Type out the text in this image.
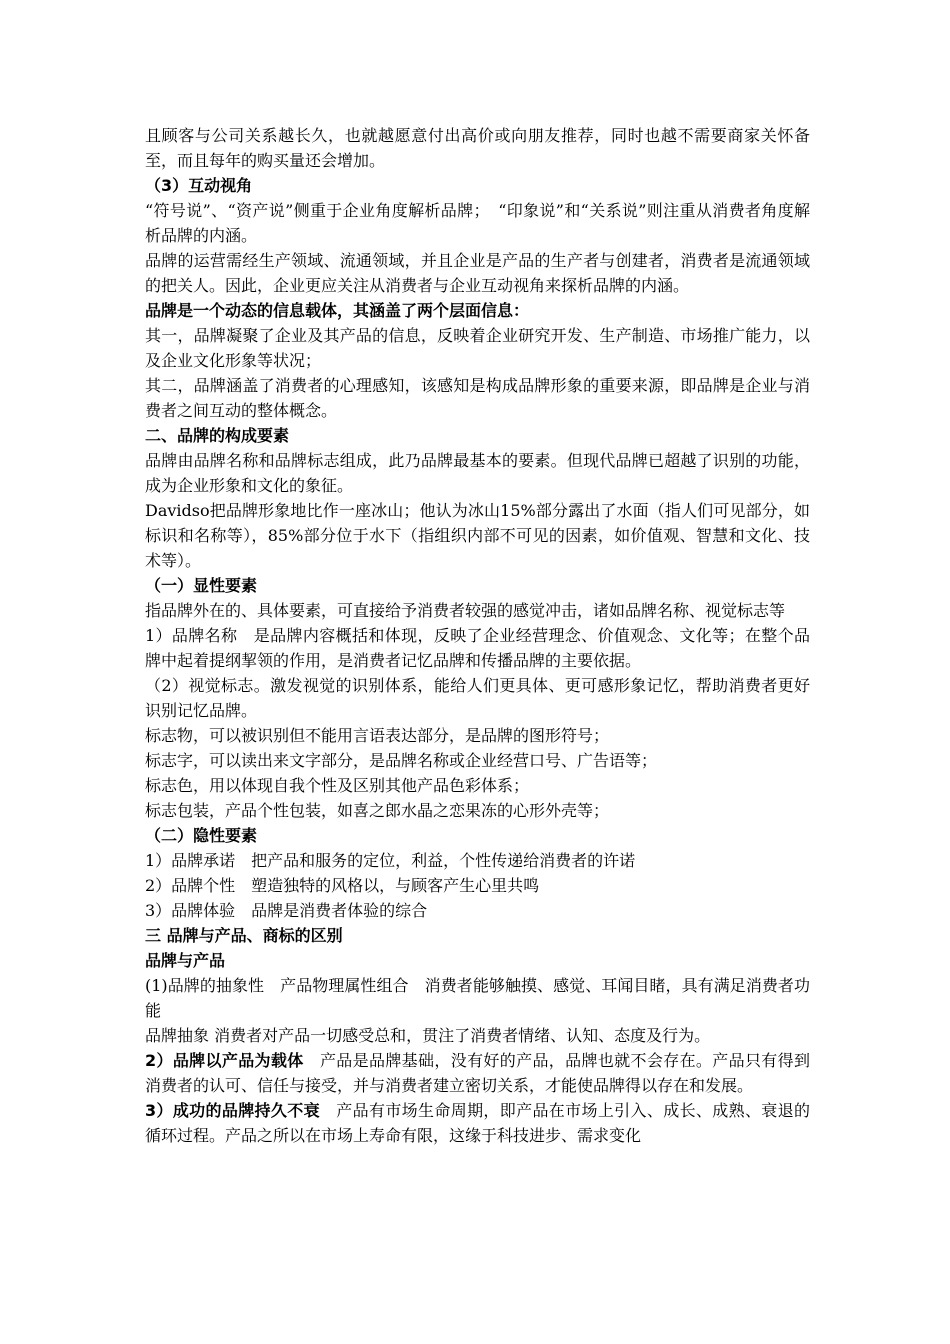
且顾客与公司关系越长久，也就越愿意付出高价或向朋友推荐，同时也越不需要商家关怀备至，而且每年的购买量还会增加。

（3）互动视角

“符号说”、“资产说”侧重于企业角度解析品牌；　“印象说”和“关系说”则注重从消费者角度解析品牌的内涵。

品牌的运营需经生产领域、流通领域，并且企业是产品的生产者与创建者，消费者是流通领域的把关人。因此，企业更应关注从消费者与企业互动视角来探析品牌的内涵。

品牌是一个动态的信息载体，其涵盖了两个层面信息：

其一，品牌凝聚了企业及其产品的信息，反映着企业研究开发、生产制造、市场推广能力，以及企业文化形象等状况；

其二，品牌涵盖了消费者的心理感知，该感知是构成品牌形象的重要来源，即品牌是企业与消费者之间互动的整体概念。

二、品牌的构成要素

品牌由品牌名称和品牌标志组成，此乃品牌最基本的要素。但现代品牌已超越了识别的功能，成为企业形象和文化的象征。

Davidso把品牌形象地比作一座冰山；他认为冰山15%部分露出了水面（指人们可见部分，如标识和名称等），85%部分位于水下（指组织内部不可见的因素，如价值观、智慧和文化、技术等）。

（一）显性要素

指品牌外在的、具体要素，可直接给予消费者较强的感觉冲击，诸如品牌名称、视觉标志等

1）品牌名称　是品牌内容概括和体现，反映了企业经营理念、价值观念、文化等；在整个品牌中起着提纲挈领的作用，是消费者记忆品牌和传播品牌的主要依据。

（2）视觉标志。激发视觉的识别体系，能给人们更具体、更可感形象记忆，帮助消费者更好识别记忆品牌。

标志物，可以被识别但不能用言语表达部分，是品牌的图形符号；

标志字，可以读出来文字部分，是品牌名称或企业经营口号、广告语等；

标志色，用以体现自我个性及区别其他产品色彩体系；

标志包装，产品个性包装，如喜之郎水晶之恋果冻的心形外壳等；

（二）隐性要素

1）品牌承诺　把产品和服务的定位，利益，个性传递给消费者的许诺

2）品牌个性　塑造独特的风格以，与顾客产生心里共鸣

3）品牌体验　品牌是消费者体验的综合

三 品牌与产品、商标的区别

品牌与产品

(1)品牌的抽象性　产品物理属性组合　消费者能够触摸、感觉、耳闻目睹，具有满足消费者功能

品牌抽象 消费者对产品一切感受总和，贯注了消费者情绪、认知、态度及行为。

2）品牌以产品为载体　产品是品牌基础，没有好的产品，品牌也就不会存在。产品只有得到消费者的认可、信任与接受，并与消费者建立密切关系，才能使品牌得以存在和发展。

3）成功的品牌持久不衰　产品有市场生命周期，即产品在市场上引入、成长、成熟、衰退的循环过程。产品之所以在市场上寿命有限，这缘于科技进步、需求变化
